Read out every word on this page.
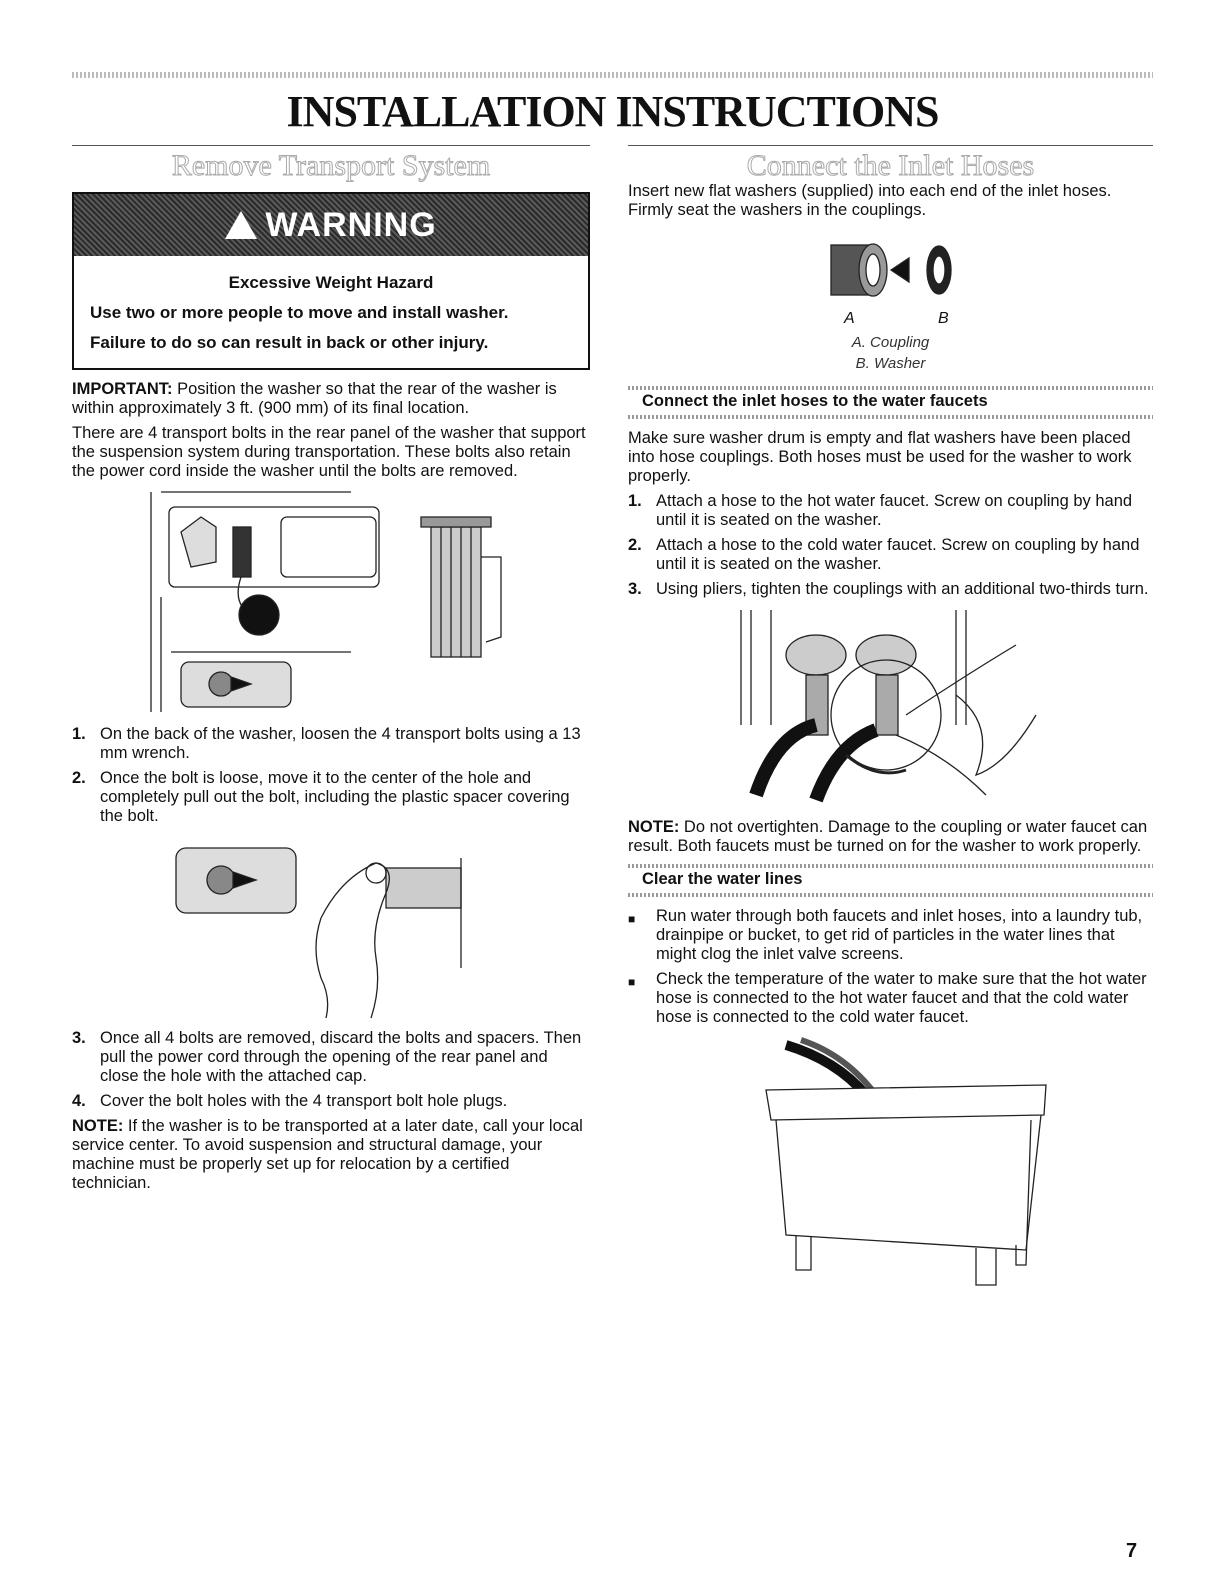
INSTALLATION INSTRUCTIONS
Remove Transport System
WARNING
Excessive Weight Hazard
Use two or more people to move and install washer.
Failure to do so can result in back or other injury.

IMPORTANT: Position the washer so that the rear of the washer is within approximately 3 ft. (900 mm) of its final location.

There are 4 transport bolts in the rear panel of the washer that support the suspension system during transportation. These bolts also retain the power cord inside the washer until the bolts are removed.

1. On the back of the washer, loosen the 4 transport bolts using a 13 mm wrench.
2. Once the bolt is loose, move it to the center of the hole and completely pull out the bolt, including the plastic spacer covering the bolt.
3. Once all 4 bolts are removed, discard the bolts and spacers. Then pull the power cord through the opening of the rear panel and close the hole with the attached cap.
4. Cover the bolt holes with the 4 transport bolt hole plugs.

NOTE: If the washer is to be transported at a later date, call your local service center. To avoid suspension and structural damage, your machine must be properly set up for relocation by a certified technician.

Connect the Inlet Hoses

Insert new flat washers (supplied) into each end of the inlet hoses. Firmly seat the washers in the couplings.

A	B
A. Coupling
B. Washer
Connect the inlet hoses to the water faucets

Make sure washer drum is empty and flat washers have been placed into hose couplings. Both hoses must be used for the washer to work properly.

1. Attach a hose to the hot water faucet. Screw on coupling by hand until it is seated on the washer.
2. Attach a hose to the cold water faucet. Screw on coupling by hand until it is seated on the washer.
3. Using pliers, tighten the couplings with an additional two-thirds turn.

NOTE: Do not overtighten. Damage to the coupling or water faucet can result. Both faucets must be turned on for the washer to work properly.

Clear the water lines
■ Run water through both faucets and inlet hoses, into a laundry tub, drainpipe or bucket, to get rid of particles in the water lines that might clog the inlet valve screens.
■ Check the temperature of the water to make sure that the hot water hose is connected to the hot water faucet and that the cold water hose is connected to the cold water faucet.
7
